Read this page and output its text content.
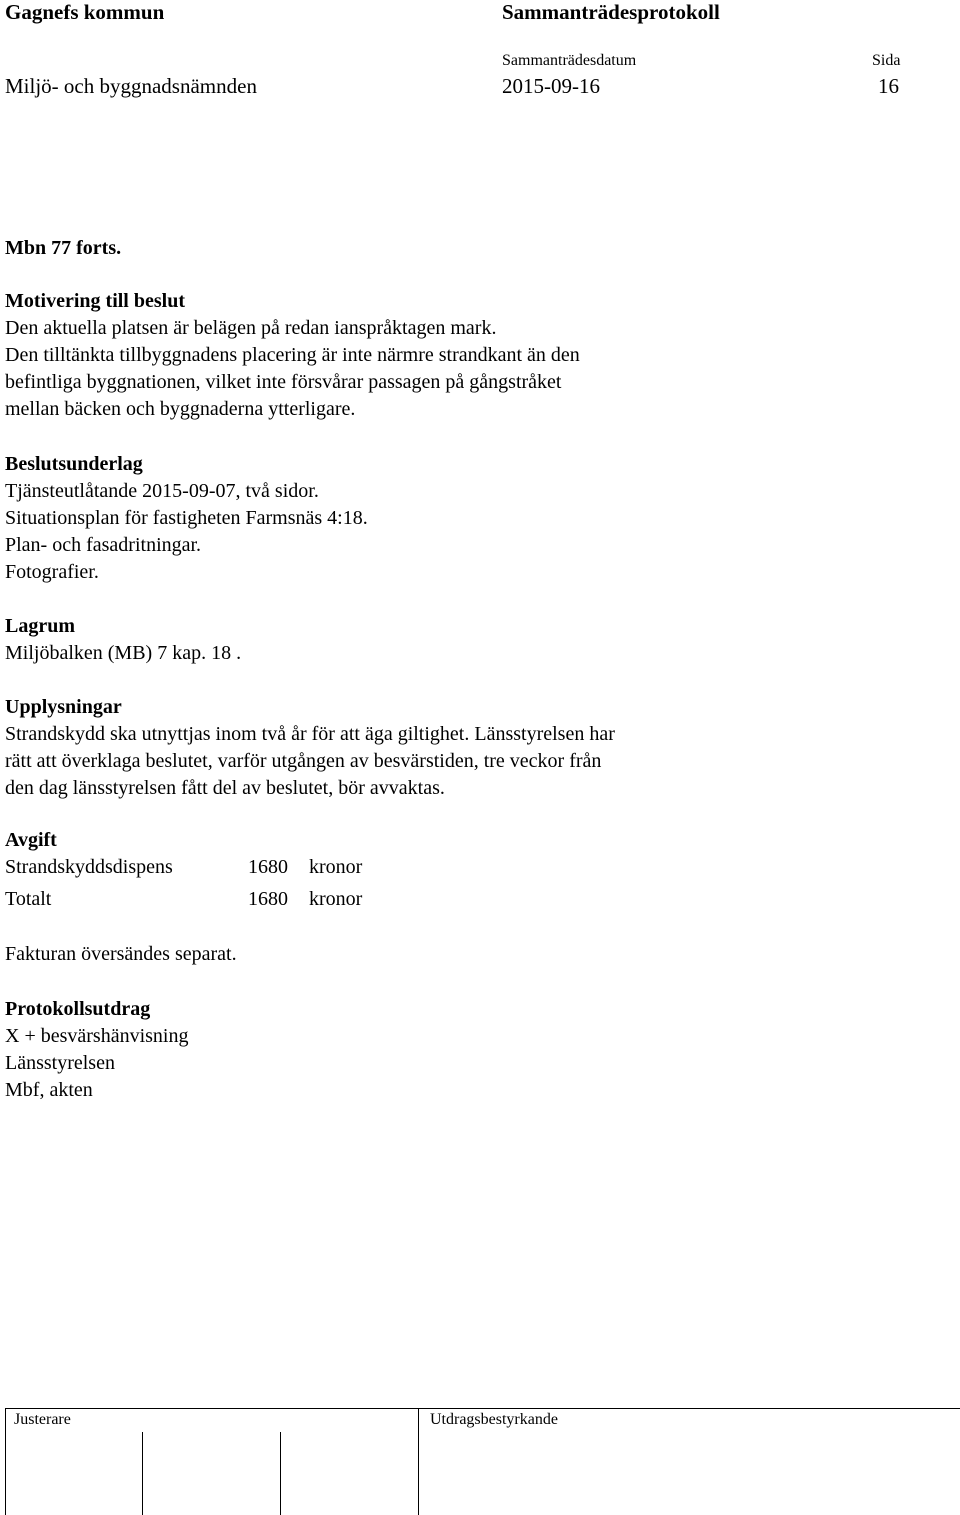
Gagnefs kommun	Sammanträdesprotokoll
Sammanträdesdatum	Sida
Miljö- och byggnadsnämnden	2015-09-16	16
Mbn 77 forts.
Motivering till beslut
Den aktuella platsen är belägen på redan ianspråktagen mark.
Den tilltänkta tillbyggnadens placering är inte närmre strandkant än den
befintliga byggnationen, vilket inte försvårar passagen på gångstråket
mellan bäcken och byggnaderna ytterligare.
Beslutsunderlag
Tjänsteutlåtande 2015-09-07, två sidor.
Situationsplan för fastigheten Farmsnäs 4:18.
Plan- och fasadritningar.
Fotografier.
Lagrum
Miljöbalken (MB) 7 kap. 18 .
Upplysningar
Strandskydd ska utnyttjas inom två år för att äga giltighet. Länsstyrelsen har
rätt att överklaga beslutet, varför utgången av besvärstiden, tre veckor från
den dag länsstyrelsen fått del av beslutet, bör avvaktas.
Avgift
Strandskyddsdispens	1680 kronor
Totalt	1680 kronor
Fakturan översändes separat.
Protokollsutdrag
X + besvärshänvisning
Länsstyrelsen
Mbf, akten
Justerare	Utdragsbestyrkande
